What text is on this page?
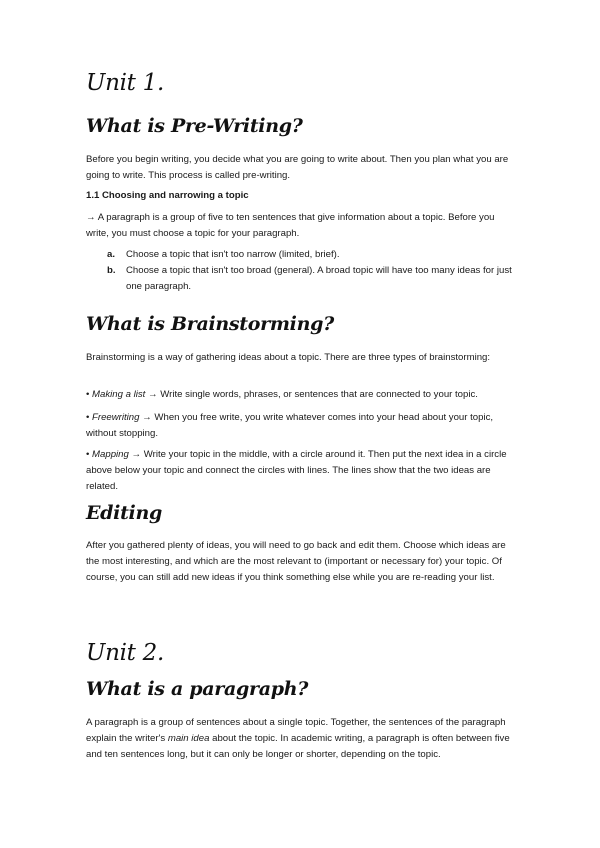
Unit 1.
What is Pre-Writing?

Before you begin writing, you decide what you are going to write about. Then you plan what you are going to write. This process is called pre-writing.

1.1 Choosing and narrowing a topic

→ A paragraph is a group of five to ten sentences that give information about a topic. Before you write, you must choose a topic for your paragraph.

a. Choose a topic that isn't too narrow (limited, brief).
b. Choose a topic that isn't too broad (general). A broad topic will have too many ideas for just one paragraph.
What is Brainstorming?

Brainstorming is a way of gathering ideas about a topic. There are three types of brainstorming:

• Making a list → Write single words, phrases, or sentences that are connected to your topic.

• Freewriting → When you free write, you write whatever comes into your head about your topic, without stopping.

• Mapping → Write your topic in the middle, with a circle around it. Then put the next idea in a circle above below your topic and connect the circles with lines. The lines show that the two ideas are related.

Editing

After you gathered plenty of ideas, you will need to go back and edit them. Choose which ideas are the most interesting, and which are the most relevant to (important or necessary for) your topic. Of course, you can still add new ideas if you think something else while you are re-reading your list.

Unit 2.
What is a paragraph?

A paragraph is a group of sentences about a single topic. Together, the sentences of the paragraph explain the writer's main idea about the topic. In academic writing, a paragraph is often between five and ten sentences long, but it can only be longer or shorter, depending on the topic.
